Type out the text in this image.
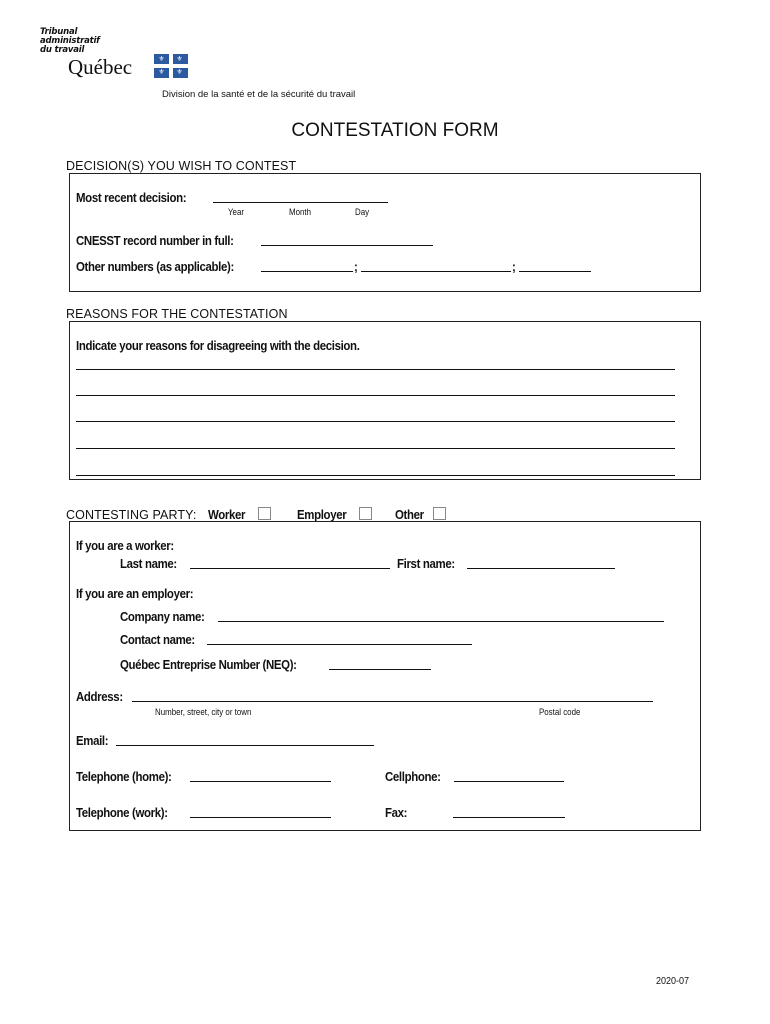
Tribunal
administratif
du travail
Québec	⚜ ⚜
⚜ ⚜
Division de la santé et de la sécurité du travail
CONTESTATION FORM
DECISION(S) YOU WISH TO CONTEST
Most recent decision:
Year	Month	Day
CNESST record number in full:
Other numbers (as applicable):	;	;
REASONS FOR THE CONTESTATION
Indicate your reasons for disagreeing with the decision.
CONTESTING PARTY: Worker	Employer	Other
If you are a worker:
Last name:	First name:
If you are an employer:
Company name:
Contact name:
Québec Entreprise Number (NEQ):
Address:
Number, street, city or town	Postal code
Email:
Telephone (home):	Cellphone:
Telephone (work):	Fax:
2020-07
